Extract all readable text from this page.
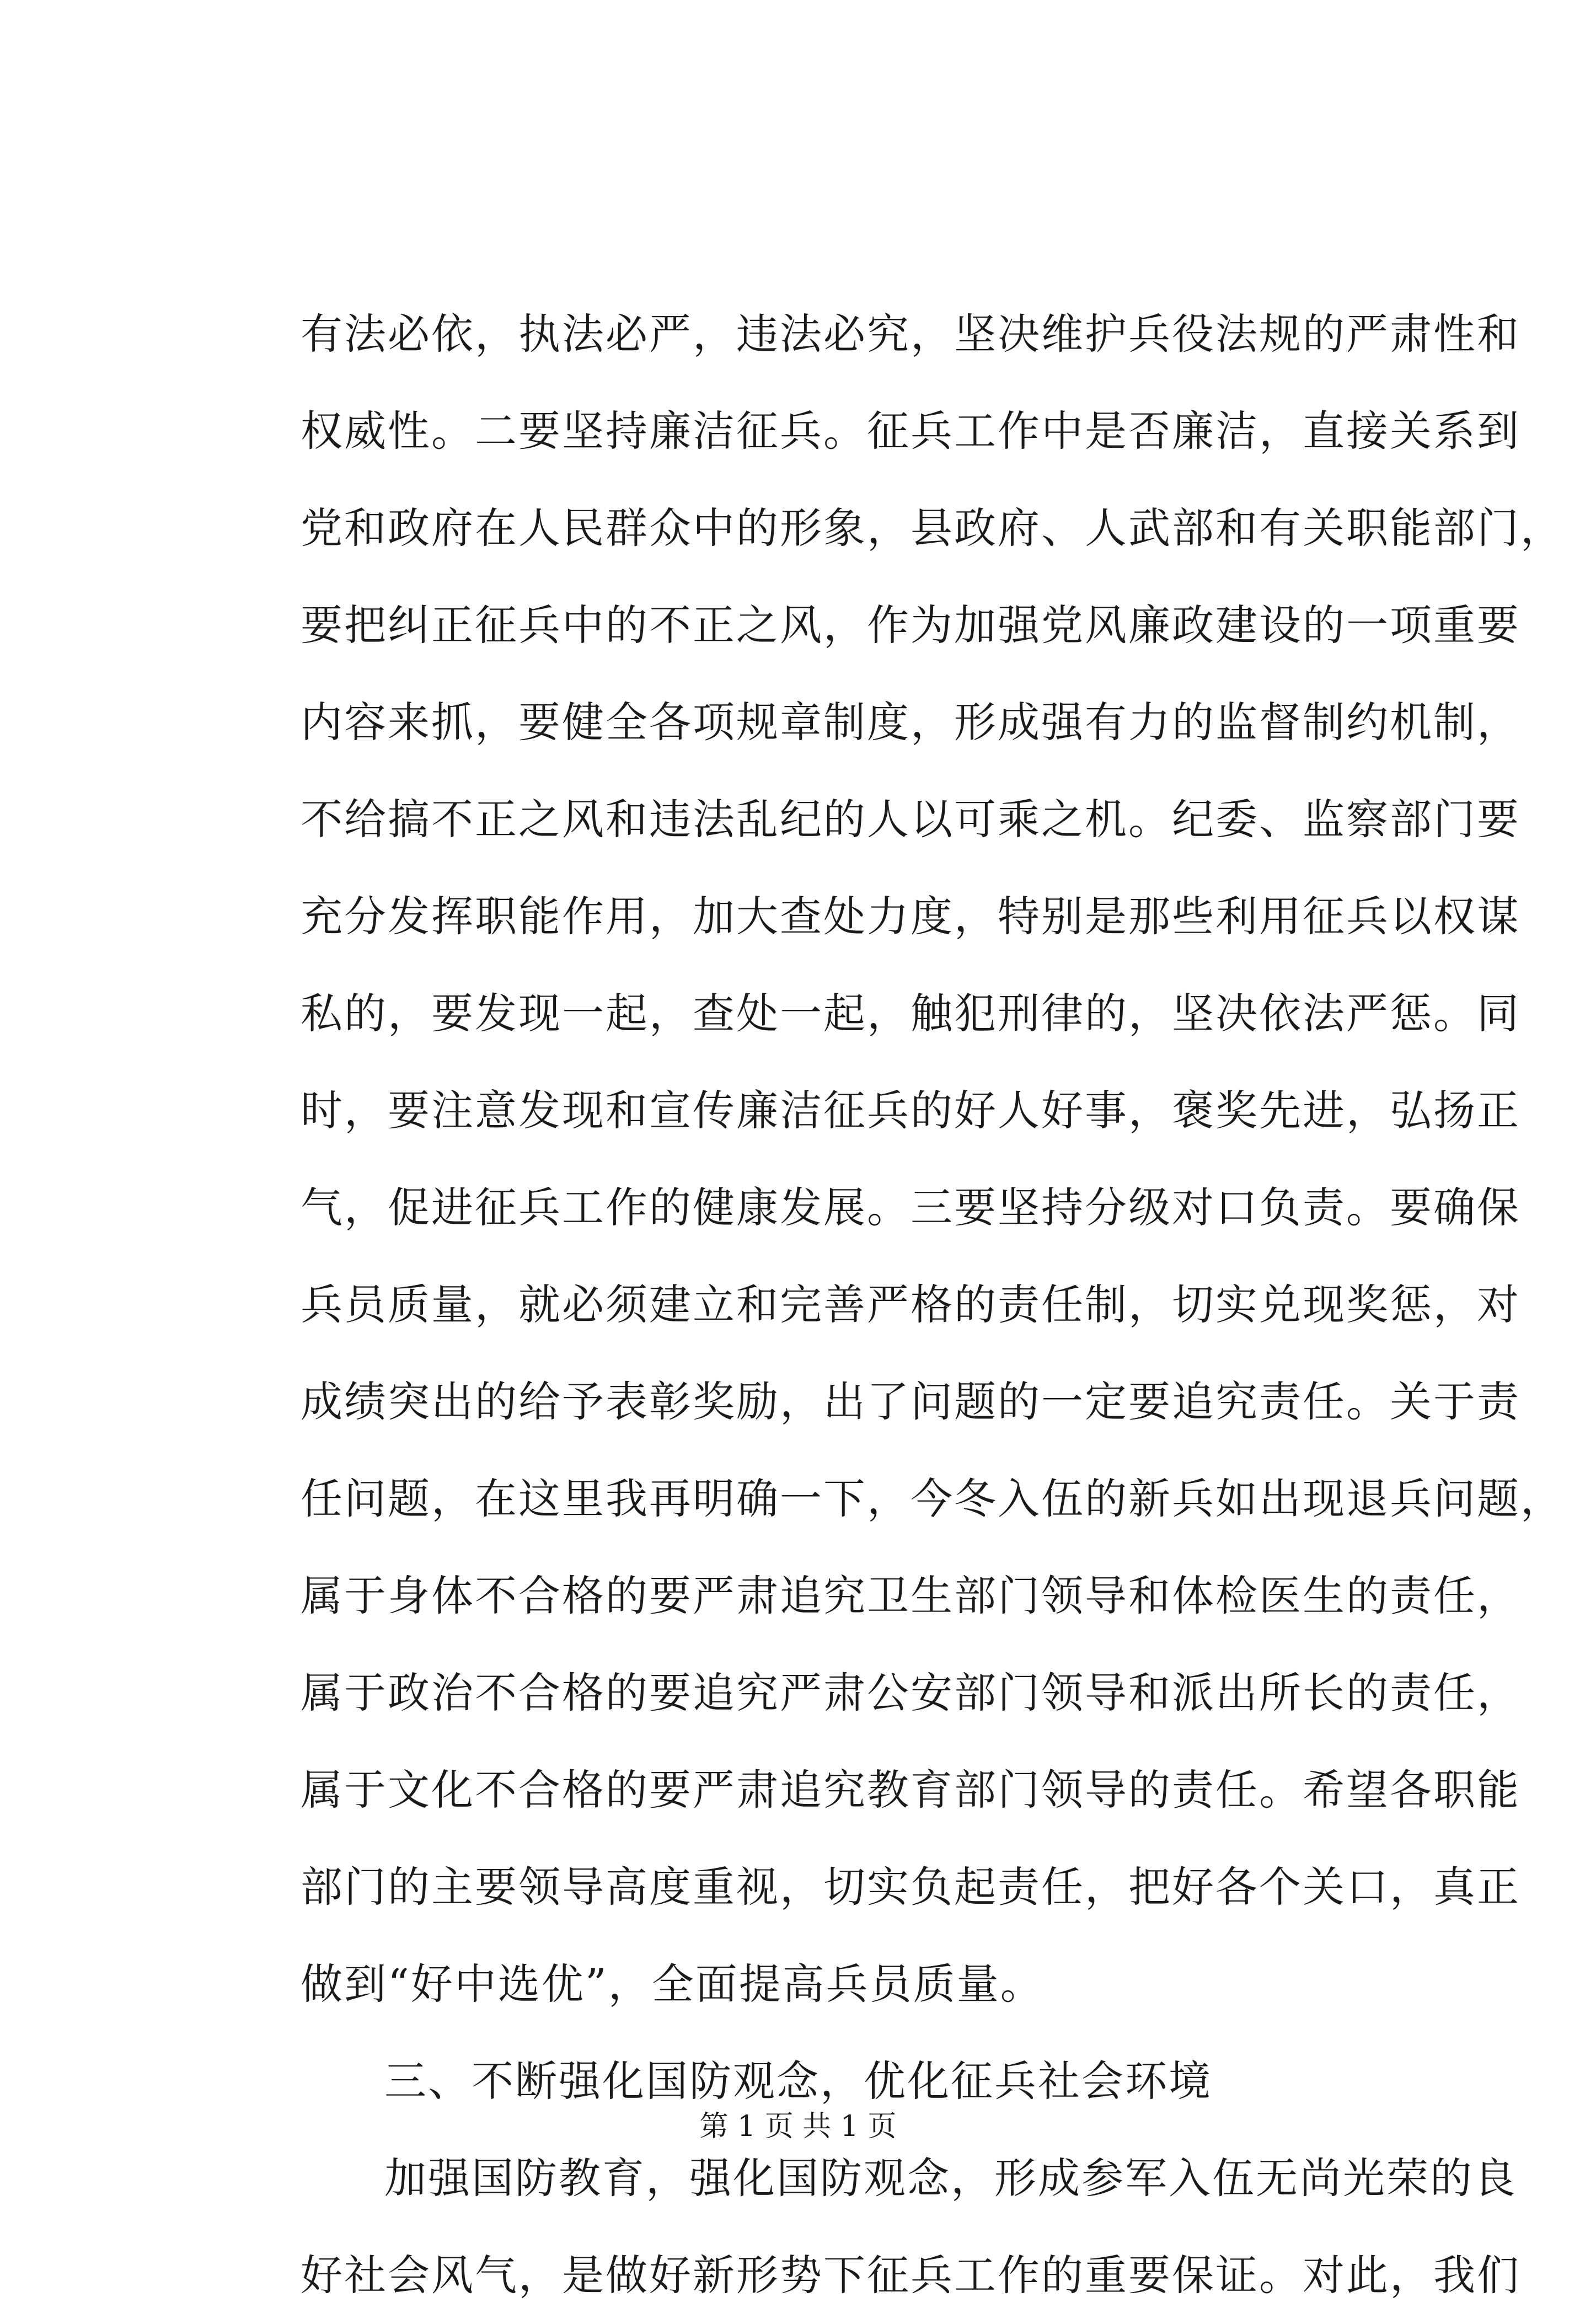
有法必依，执法必严，违法必究，坚决维护兵役法规的严肃性和
权威性。二要坚持廉洁征兵。征兵工作中是否廉洁，直接关系到
党和政府在人民群众中的形象，县政府、人武部和有关职能部门，
要把纠正征兵中的不正之风，作为加强党风廉政建设的一项重要
内容来抓，要健全各项规章制度，形成强有力的监督制约机制，
不给搞不正之风和违法乱纪的人以可乘之机。纪委、监察部门要
充分发挥职能作用，加大查处力度，特别是那些利用征兵以权谋
私的，要发现一起，查处一起，触犯刑律的，坚决依法严惩。同
时，要注意发现和宣传廉洁征兵的好人好事，褒奖先进，弘扬正
气，促进征兵工作的健康发展。三要坚持分级对口负责。要确保
兵员质量，就必须建立和完善严格的责任制，切实兑现奖惩，对
成绩突出的给予表彰奖励，出了问题的一定要追究责任。关于责
任问题，在这里我再明确一下，今冬入伍的新兵如出现退兵问题，
属于身体不合格的要严肃追究卫生部门领导和体检医生的责任，
属于政治不合格的要追究严肃公安部门领导和派出所长的责任，
属于文化不合格的要严肃追究教育部门领导的责任。希望各职能
部门的主要领导高度重视，切实负起责任，把好各个关口，真正
做到“好中选优”，全面提高兵员质量。
三、不断强化国防观念，优化征兵社会环境
加强国防教育，强化国防观念，形成参军入伍无尚光荣的良
好社会风气，是做好新形势下征兵工作的重要保证。对此，我们
第 1 页 共 1 页
